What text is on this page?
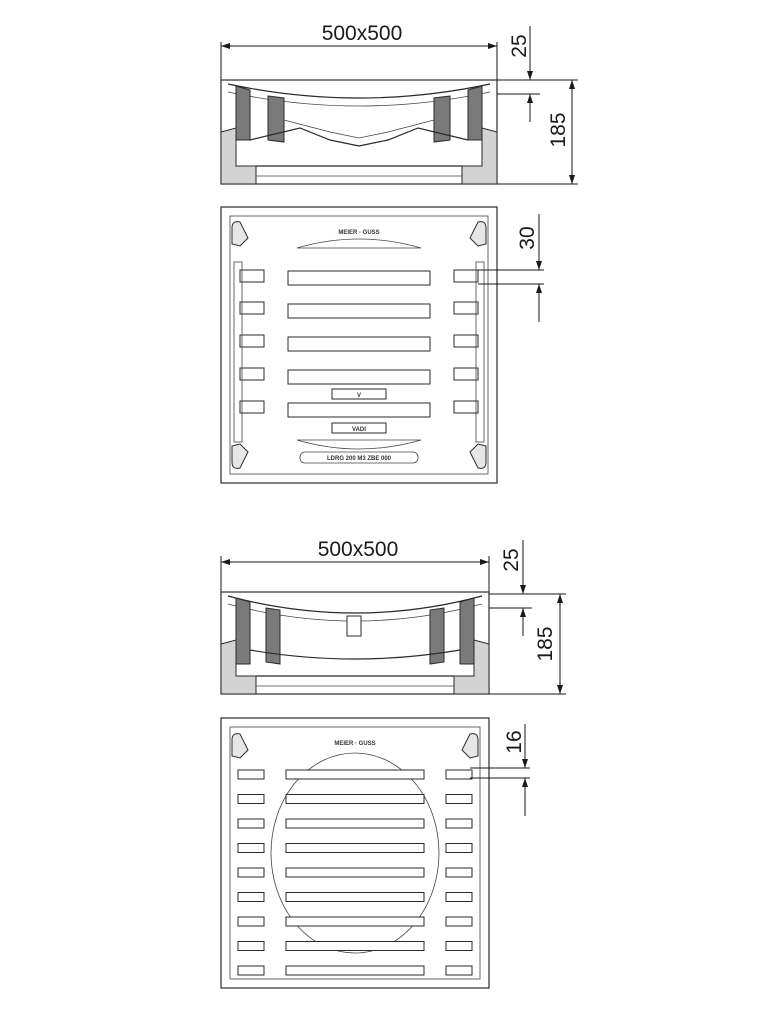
500x500
25
185
MEIER · GUSS
V
VADI
LDRG 200 M3 ZBE 000
30
500x500	25
185
MEIER · GUSS	16
